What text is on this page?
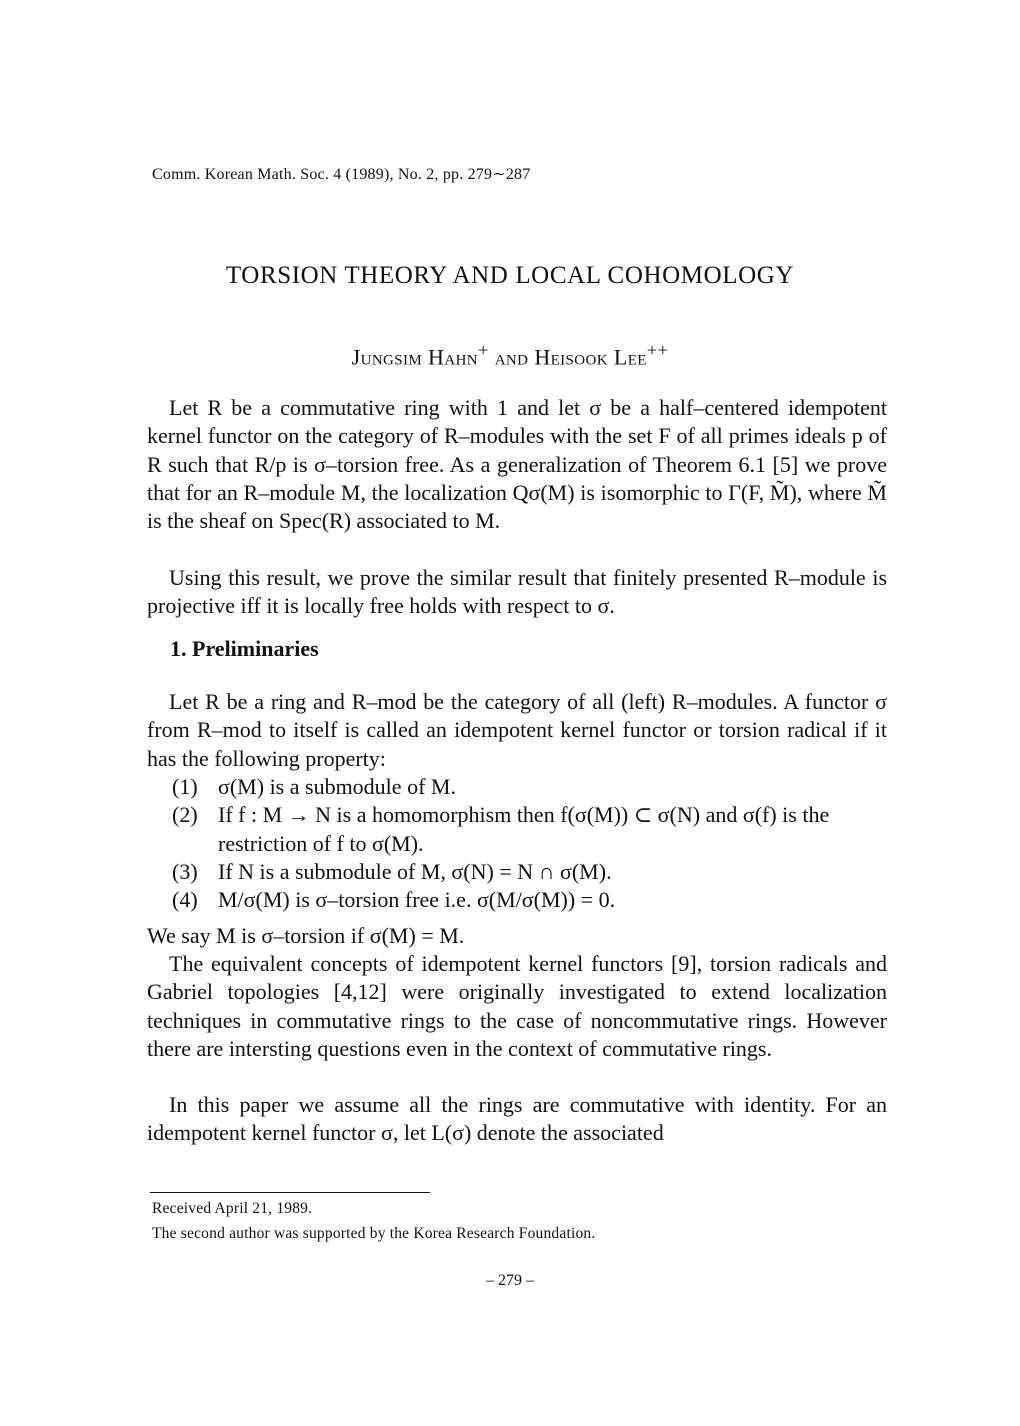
Comm. Korean Math. Soc. 4 (1989), No. 2, pp. 279∼287
TORSION THEORY AND LOCAL COHOMOLOGY
Jungsim Hahn+ and Heisook Lee++
Let R be a commutative ring with 1 and let σ be a half–centered idempotent kernel functor on the category of R–modules with the set F of all primes ideals p of R such that R/p is σ–torsion free. As a generalization of Theorem 6.1 [5] we prove that for an R–module M, the localization Qσ(M) is isomorphic to Γ(F, M̃), where M̃ is the sheaf on Spec(R) associated to M.
Using this result, we prove the similar result that finitely presented R–module is projective iff it is locally free holds with respect to σ.
1. Preliminaries
Let R be a ring and R–mod be the category of all (left) R–modules. A functor σ from R–mod to itself is called an idempotent kernel functor or torsion radical if it has the following property:
(1) σ(M) is a submodule of M.
(2) If f : M → N is a homomorphism then f(σ(M)) ⊂ σ(N) and σ(f) is the restriction of f to σ(M).
(3) If N is a submodule of M, σ(N) = N ∩ σ(M).
(4) M/σ(M) is σ–torsion free i.e. σ(M/σ(M)) = 0.
We say M is σ–torsion if σ(M) = M.
The equivalent concepts of idempotent kernel functors [9], torsion radicals and Gabriel topologies [4,12] were originally investigated to extend localization techniques in commutative rings to the case of noncommutative rings. However there are intersting questions even in the context of commutative rings.
In this paper we assume all the rings are commutative with identity. For an idempotent kernel functor σ, let L(σ) denote the associated
Received April 21, 1989.
The second author was supported by the Korea Research Foundation.
– 279 –
